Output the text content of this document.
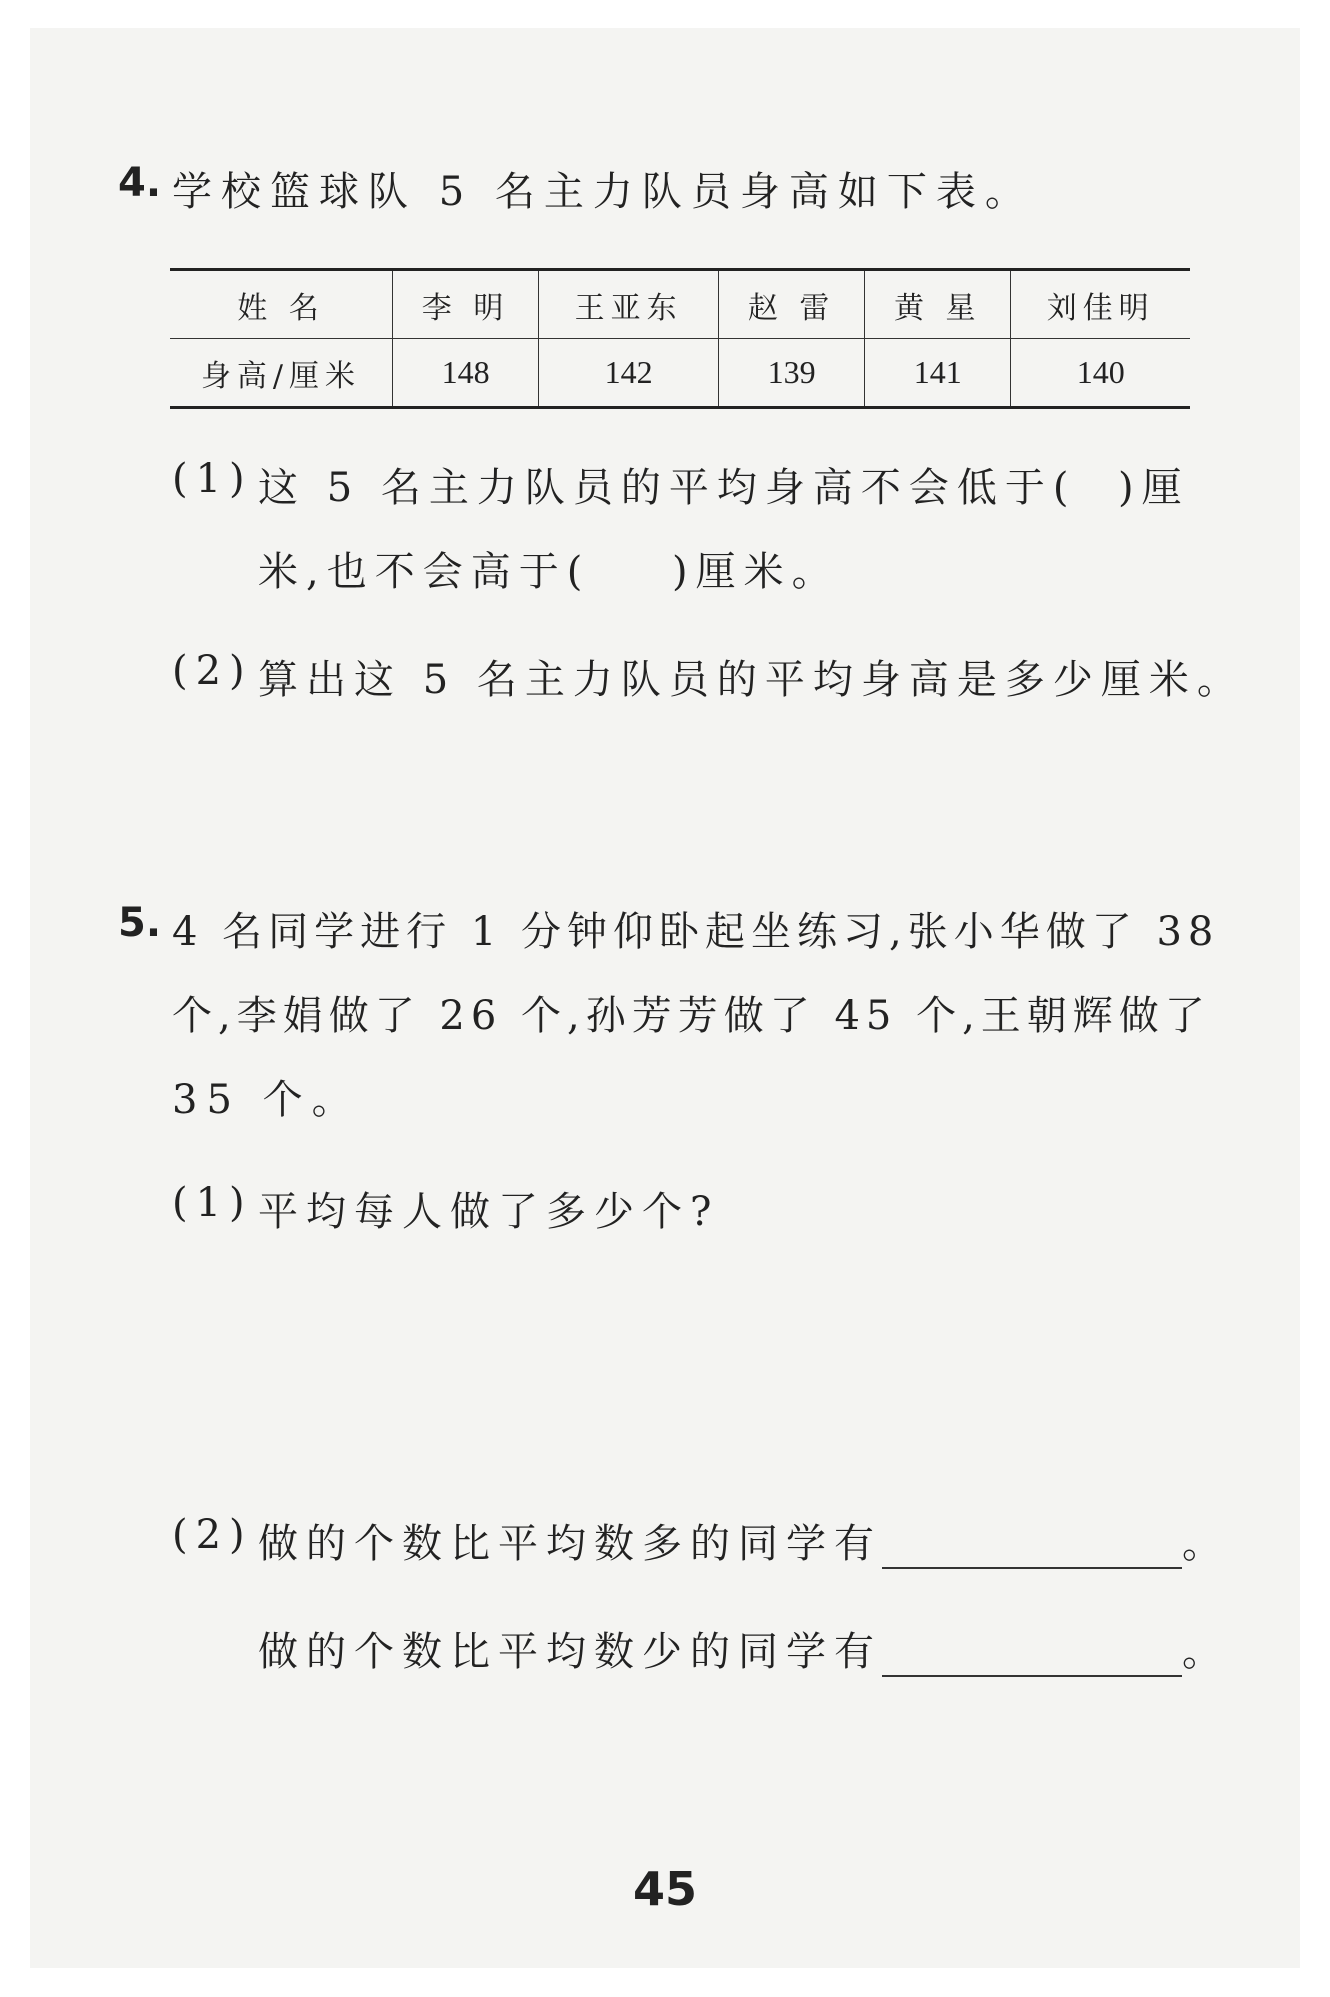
4. 学校篮球队 5 名主力队员身高如下表。
姓 名	李 明	王亚东	赵 雷	黄 星	刘佳明
身高/厘米	148	142	139	141	140
(1) 这 5 名主力队员的平均身高不会低于( )厘
米,也不会高于( )厘米。
(2) 算出这 5 名主力队员的平均身高是多少厘米。
5. 4 名同学进行 1 分钟仰卧起坐练习,张小华做了 38
个,李娟做了 26 个,孙芳芳做了 45 个,王朝辉做了
35 个。
(1) 平均每人做了多少个?
(2) 做的个数比平均数多的同学有	。
做的个数比平均数少的同学有	。
45
